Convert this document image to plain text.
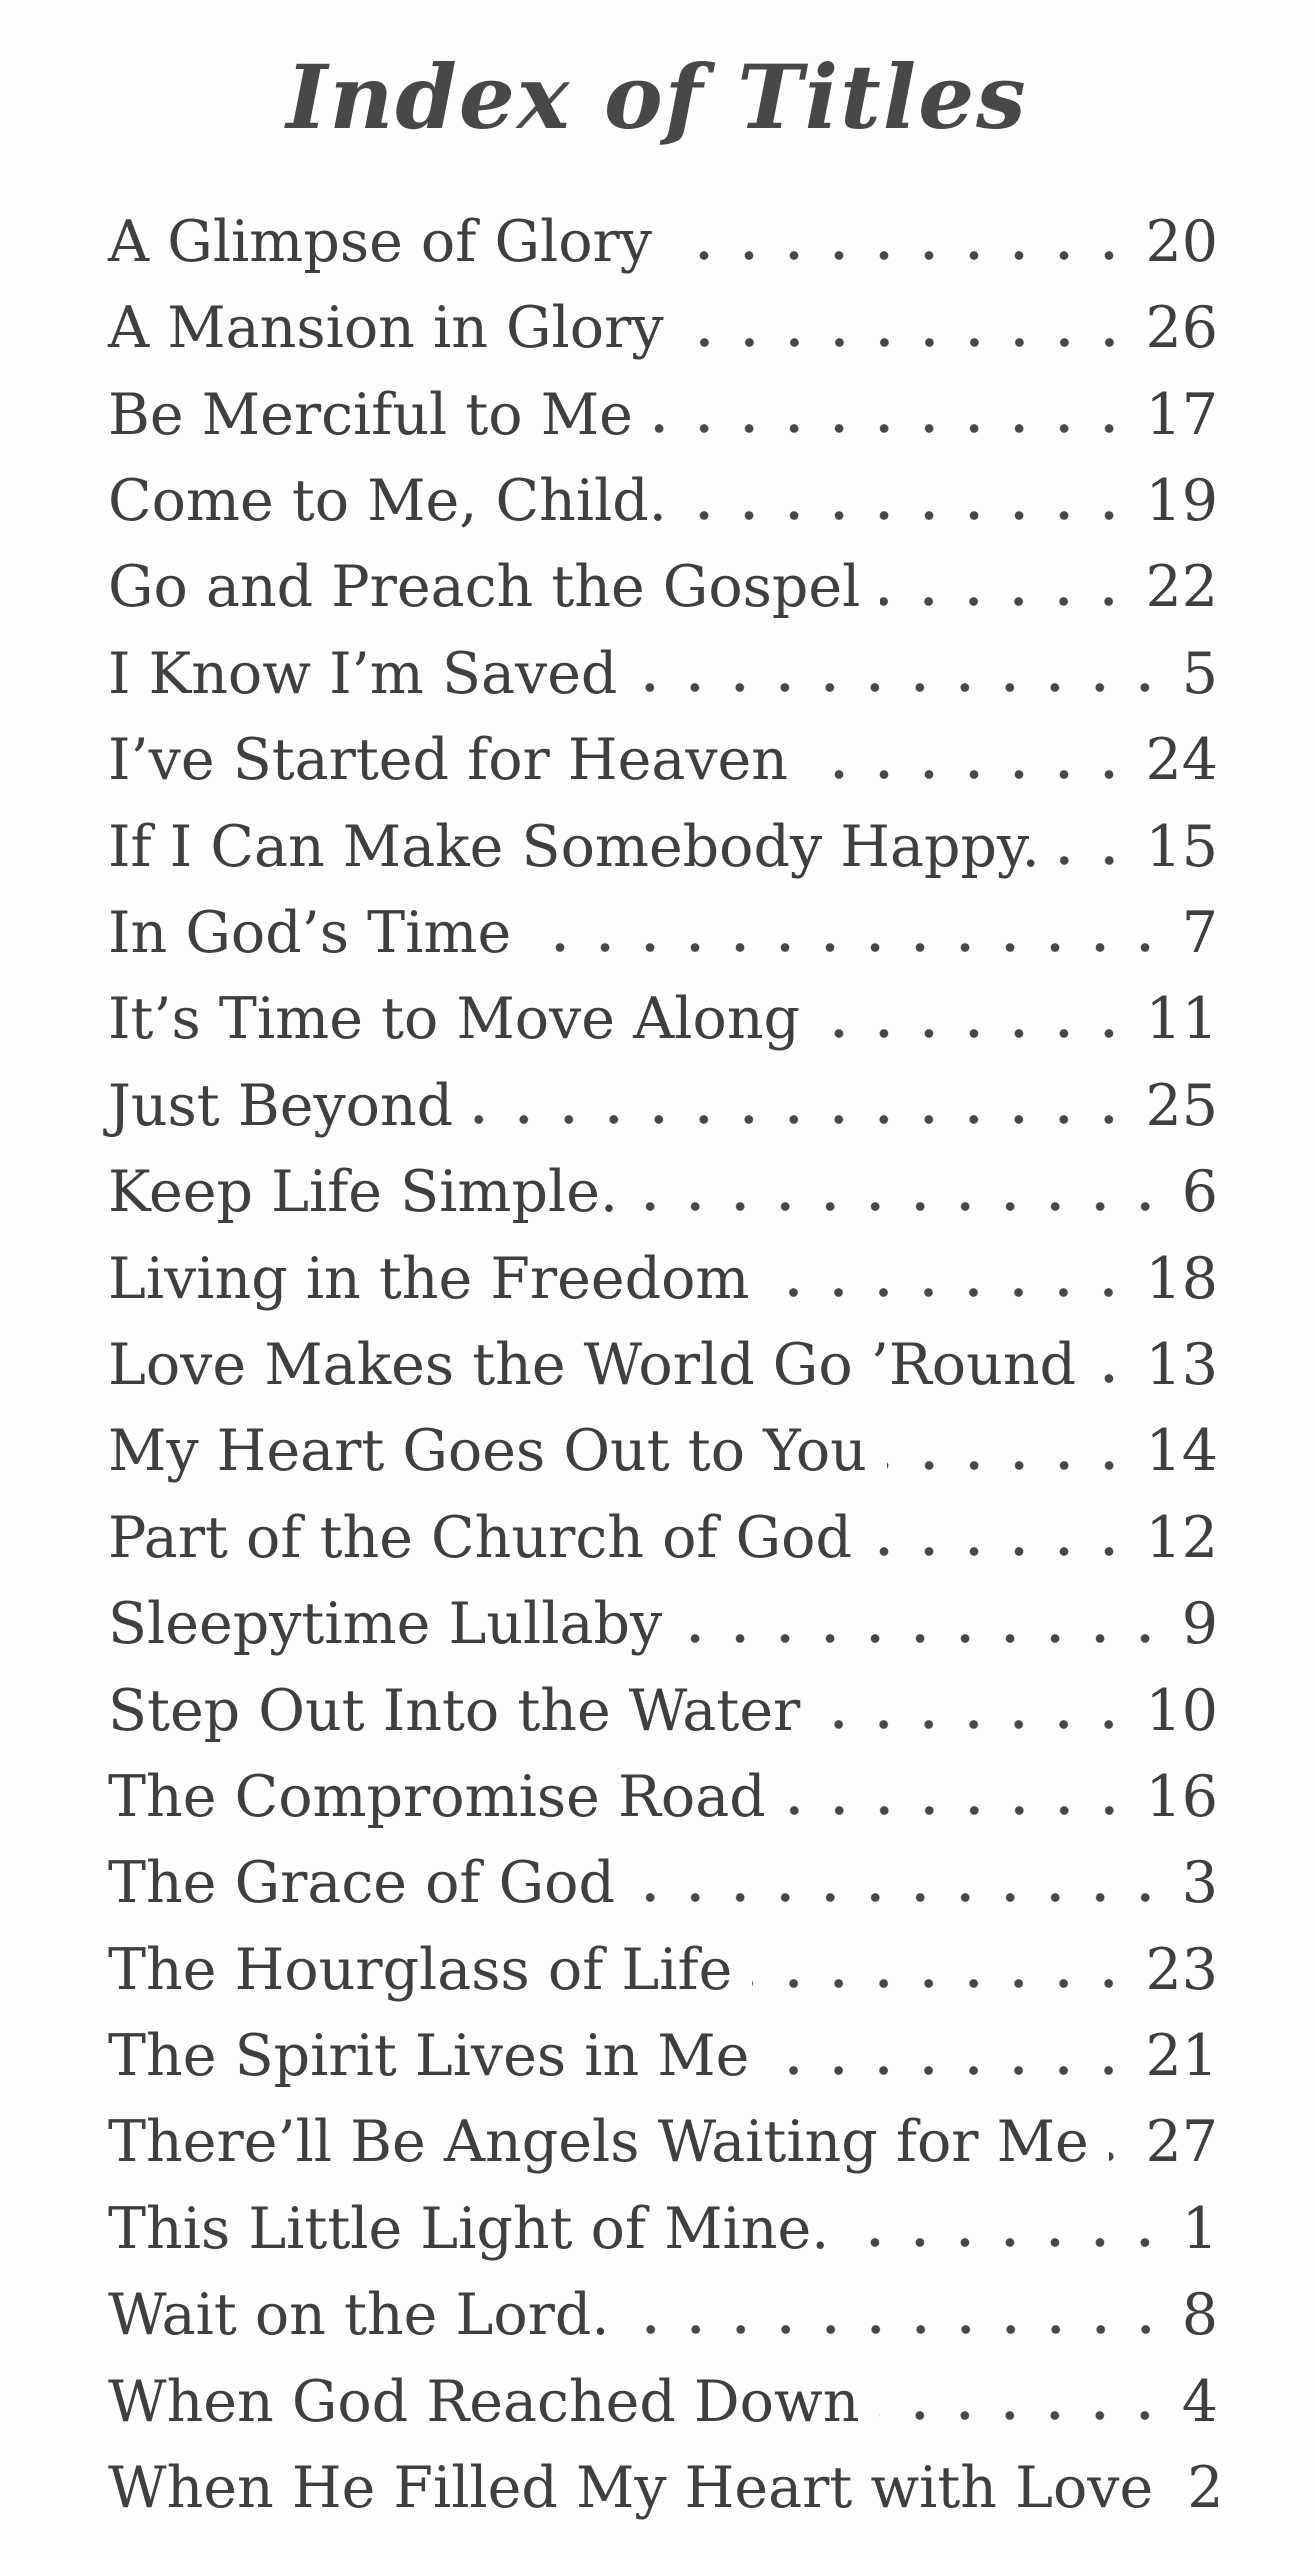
Index of Titles
A Glimpse of Glory	20
A Mansion in Glory	26
Be Merciful to Me	17
Come to Me, Child.	19
Go and Preach the Gospel	22
I Know I’m Saved	5
I’ve Started for Heaven	24
If I Can Make Somebody Happy. 15
In God’s Time	7
It’s Time to Move Along	11
Just Beyond	25
Keep Life Simple.	6
Living in the Freedom	18
Love Makes the World Go ’Round 13
My Heart Goes Out to You	14
Part of the Church of God	12
Sleepytime Lullaby	9
Step Out Into the Water	10
The Compromise Road	16
The Grace of God	3
The Hourglass of Life	23
The Spirit Lives in Me	21
There’ll Be Angels Waiting for Me 27
This Little Light of Mine.	1
Wait on the Lord.	8
When God Reached Down	4
When He Filled My Heart with Love 2
